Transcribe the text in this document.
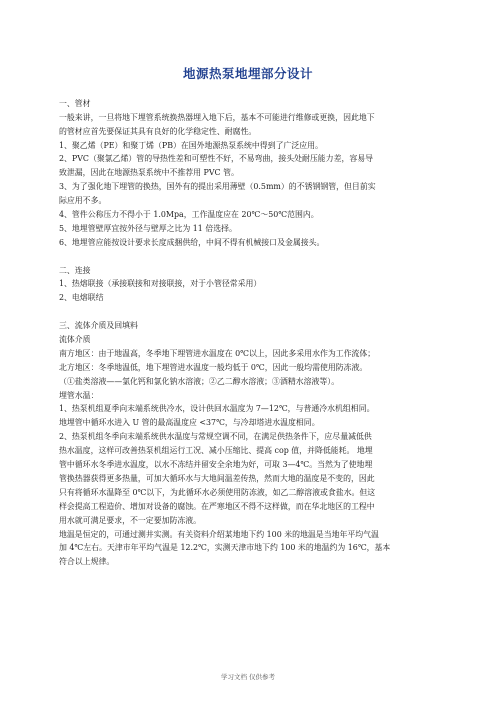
地源热泵地埋部分设计
一、管材
一般来讲，一旦将地下埋管系统换热器埋入地下后，基本不可能进行维修或更换，因此地下
的管材应首先要保证其具有良好的化学稳定性、耐腐性。
1、聚乙烯（PE）和聚丁烯（PB）在国外地源热泵系统中得到了广泛应用。
2、PVC（聚氯乙烯）管的导热性差和可塑性不好，不易弯曲，接头处耐压能力差，容易导
致泄漏，因此在地源热泵系统中不推荐用 PVC 管。
3、为了强化地下埋管的换热，国外有的提出采用薄壁（0.5mm）的不锈钢钢管，但目前实
际应用不多。
4、管件公称压力不得小于 1.0Mpa，工作温度应在 20℃～50℃范围内。
5、地埋管壁厚宜按外径与壁厚之比为 11 倍选择。
6、地埋管应能按设计要求长度成捆供给，中间不得有机械接口及金属接头。
二、连接
1、热熔联接（承接联接和对接联接，对于小管径常采用）
2、电熔联结
三、流体介质及回填料
流体介质
南方地区：由于地温高，冬季地下埋管进水温度在 0℃以上，因此多采用水作为工作流体；
北方地区：冬季地温低，地下埋管进水温度一般均低于 0℃，因此一般均需使用防冻液。
（①盐类溶液——氯化钙和氯化钠水溶液；②乙二醇水溶液；③酒精水溶液等）。
埋管水温：
1、热泵机组夏季向末端系统供冷水，设计供回水温度为 7—12℃，与普通冷水机组相同。
地埋管中循环水进入 U 管的最高温度应 <37℃，与冷却塔进水温度相同。
2、热泵机组冬季向末端系统供水温度与常规空调不同，在满足供热条件下，应尽量减低供
热水温度，这样可改善热泵机组运行工况、减小压缩比、提高 cop 值，并降低能耗。 地埋
管中循环水冬季进水温度，以水不冻结并留安全余地为好，可取 3—4℃。当然为了使地埋
管换热器获得更多热量，可加大循环水与大地间温差传热，然而大地的温度是不变的，因此
只有将循环水温降至 0℃以下，为此循环水必须使用防冻液，如乙二醇溶液或食盐水。但这
样会提高工程造价、增加对设备的腐蚀。在严寒地区不得不这样做，而在华北地区的工程中
用水就可满足要求，不一定要加防冻液。
地温是恒定的，可通过测井实测。有关资料介绍某地地下约 100 米的地温是当地年平均气温
加 4℃左右。天津市年平均气温是 12.2℃，实测天津市地下约 100 米的地温约为 16℃，基本
符合以上规律。
学习文档 仅供参考
